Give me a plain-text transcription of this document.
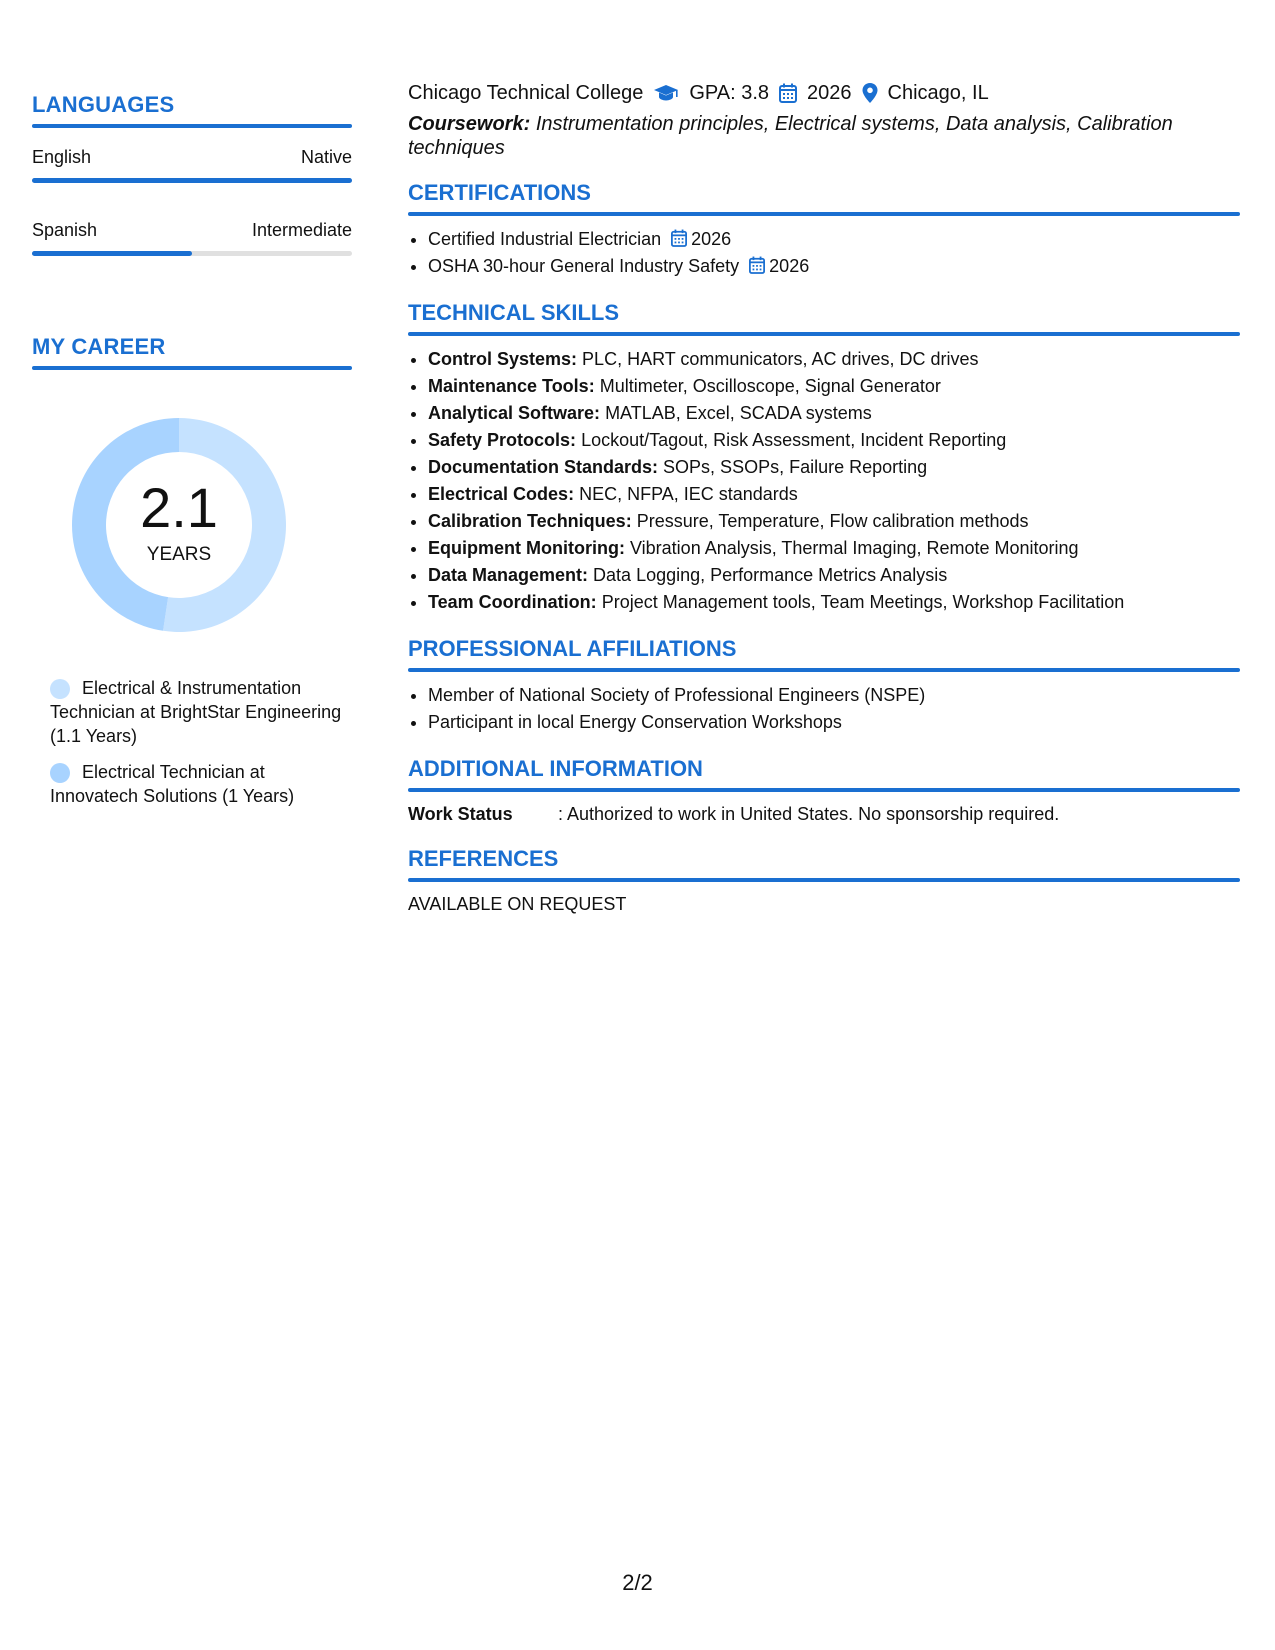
LANGUAGES
English	Native
Spanish	Intermediate
MY CAREER
2.1
YEARS
Electrical & Instrumentation Technician at BrightStar Engineering (1.1 Years)
Electrical Technician at Innovatech Solutions (1 Years)
Chicago Technical College GPA: 3.8 2026 Chicago, IL
Coursework: Instrumentation principles, Electrical systems, Data analysis, Calibration techniques
CERTIFICATIONS
• Certified Industrial Electrician 2026
• OSHA 30-hour General Industry Safety 2026
TECHNICAL SKILLS
• Control Systems: PLC, HART communicators, AC drives, DC drives
• Maintenance Tools: Multimeter, Oscilloscope, Signal Generator
• Analytical Software: MATLAB, Excel, SCADA systems
• Safety Protocols: Lockout/Tagout, Risk Assessment, Incident Reporting
• Documentation Standards: SOPs, SSOPs, Failure Reporting
• Electrical Codes: NEC, NFPA, IEC standards
• Calibration Techniques: Pressure, Temperature, Flow calibration methods
• Equipment Monitoring: Vibration Analysis, Thermal Imaging, Remote Monitoring
• Data Management: Data Logging, Performance Metrics Analysis
• Team Coordination: Project Management tools, Team Meetings, Workshop Facilitation
PROFESSIONAL AFFILIATIONS
• Member of National Society of Professional Engineers (NSPE)
• Participant in local Energy Conservation Workshops
ADDITIONAL INFORMATION
Work Status	: Authorized to work in United States. No sponsorship required.
REFERENCES
AVAILABLE ON REQUEST
2/2
